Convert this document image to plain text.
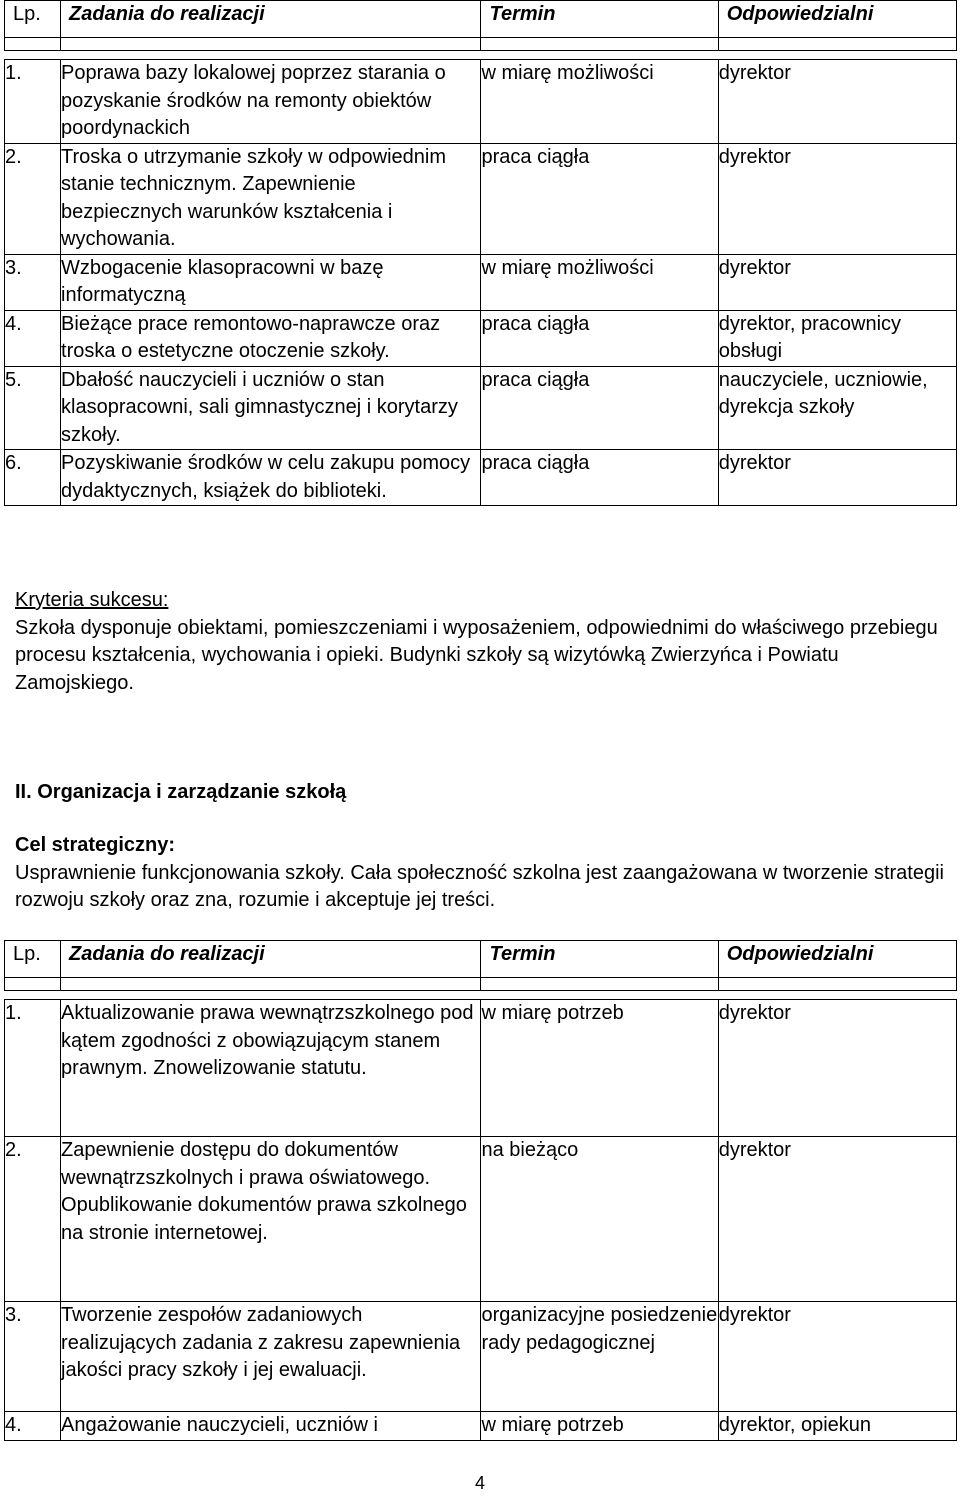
Lp.	Zadania do realizacji	Termin	Odpowiedzialni

1.	Poprawa bazy lokalowej poprzez starania o pozyskanie środków na remonty obiektów poordynackich	w miarę możliwości	dyrektor
2.	Troska o utrzymanie szkoły w odpowiednim stanie technicznym. Zapewnienie bezpiecznych warunków kształcenia i wychowania.	praca ciągła	dyrektor
3.	Wzbogacenie klasopracowni w bazę informatyczną	w miarę możliwości	dyrektor
4.	Bieżące prace remontowo-naprawcze oraz troska o estetyczne otoczenie szkoły.	praca ciągła	dyrektor, pracownicy obsługi
5.	Dbałość nauczycieli i uczniów o stan klasopracowni, sali gimnastycznej i korytarzy szkoły.	praca ciągła	nauczyciele, uczniowie, dyrekcja szkoły
6.	Pozyskiwanie środków w celu zakupu pomocy dydaktycznych, książek do biblioteki.	praca ciągła	dyrektor
Kryteria sukcesu:
Szkoła dysponuje obiektami, pomieszczeniami i wyposażeniem, odpowiednimi do właściwego przebiegu procesu kształcenia, wychowania i opieki. Budynki szkoły są wizytówką Zwierzyńca i Powiatu Zamojskiego.
II. Organizacja i zarządzanie szkołą
Cel strategiczny:
Usprawnienie funkcjonowania szkoły. Cała społeczność szkolna jest zaangażowana w tworzenie strategii rozwoju szkoły oraz zna, rozumie i akceptuje jej treści.
Lp.	Zadania do realizacji	Termin	Odpowiedzialni

1.	Aktualizowanie prawa wewnątrzszkolnego pod kątem zgodności z obowiązującym stanem prawnym. Znowelizowanie statutu.	w miarę potrzeb	dyrektor
2.	Zapewnienie dostępu do dokumentów wewnątrzszkolnych i prawa oświatowego. Opublikowanie dokumentów prawa szkolnego na stronie internetowej.	na bieżąco	dyrektor
3.	Tworzenie zespołów zadaniowych realizujących zadania z zakresu zapewnienia jakości pracy szkoły i jej ewaluacji.	organizacyjne posiedzenie rady pedagogicznej	dyrektor
4.	Angażowanie nauczycieli, uczniów i	w miarę potrzeb	dyrektor, opiekun
4
